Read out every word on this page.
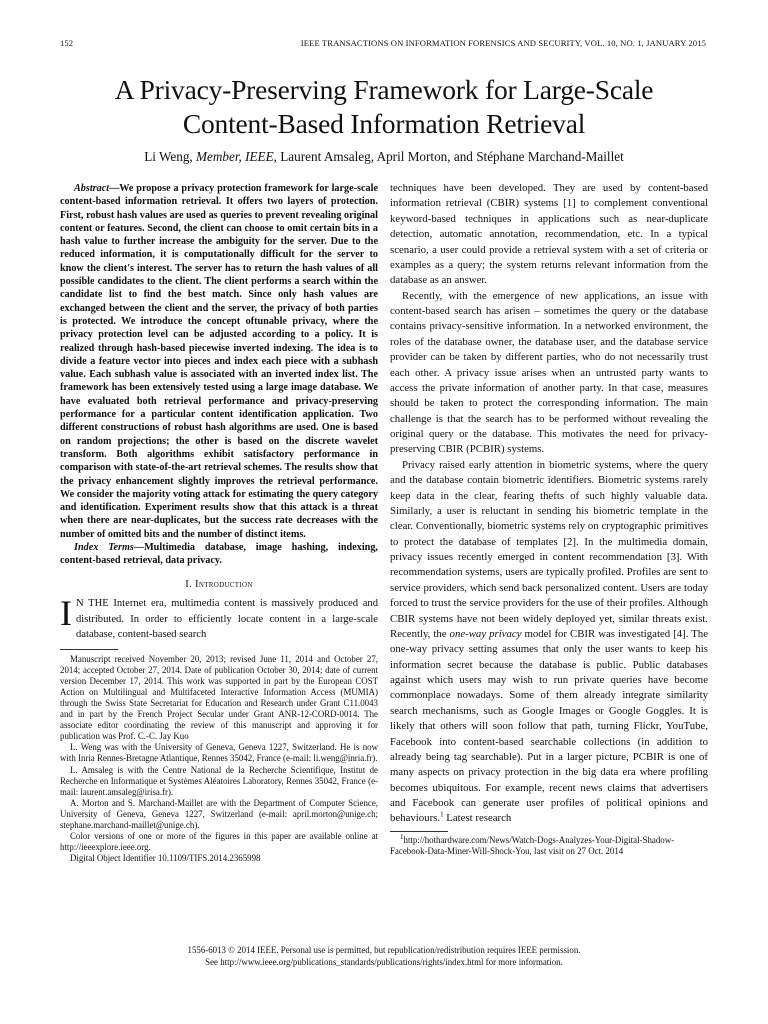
152	IEEE TRANSACTIONS ON INFORMATION FORENSICS AND SECURITY, VOL. 10, NO. 1, JANUARY 2015
A Privacy-Preserving Framework for Large-Scale
Content-Based Information Retrieval
Li Weng, Member, IEEE, Laurent Amsaleg, April Morton, and Stéphane Marchand-Maillet

Abstract—We propose a privacy protection framework for large-scale content-based information retrieval. It offers two layers of protection. First, robust hash values are used as queries to prevent revealing original content or features. Second, the client can choose to omit certain bits in a hash value to further increase the ambiguity for the server. Due to the reduced information, it is computationally difficult for the server to know the client's interest. The server has to return the hash values of all possible candidates to the client. The client performs a search within the candidate list to find the best match. Since only hash values are exchanged between the client and the server, the privacy of both parties is protected. We introduce the concept oftunable privacy, where the privacy protection level can be adjusted according to a policy. It is realized through hash-based piecewise inverted indexing. The idea is to divide a feature vector into pieces and index each piece with a subhash value. Each subhash value is associated with an inverted index list. The framework has been extensively tested using a large image database. We have evaluated both retrieval performance and privacy-preserving performance for a particular content identification application. Two different constructions of robust hash algorithms are used. One is based on random projections; the other is based on the discrete wavelet transform. Both algorithms exhibit satisfactory performance in comparison with state-of-the-art retrieval schemes. The results show that the privacy enhancement slightly improves the retrieval performance. We consider the majority voting attack for estimating the query category and identification. Experiment results show that this attack is a threat when there are near-duplicates, but the success rate decreases with the number of omitted bits and the number of distinct items.

Index Terms—Multimedia database, image hashing, indexing, content-based retrieval, data privacy.

I. Introduction

I N THE Internet era, multimedia content is massively produced and distributed. In order to efficiently locate content in a large-scale database, content-based search

Manuscript received November 20, 2013; revised June 11, 2014 and October 27, 2014; accepted October 27, 2014. Date of publication October 30, 2014; date of current version December 17, 2014. This work was supported in part by the European COST Action on Multilingual and Multifaceted Interactive Information Access (MUMIA) through the Swiss State Secretariat for Education and Research under Grant C11.0043 and in part by the French Project Secular under Grant ANR-12-CORD-0014. The associate editor coordinating the review of this manuscript and approving it for publication was Prof. C.-C. Jay Kuo

L. Weng was with the University of Geneva, Geneva 1227, Switzerland. He is now with Inria Rennes-Bretagne Atlantique, Rennes 35042, France (e-mail: li.weng@inria.fr).

L. Amsaleg is with the Centre National de la Recherche Scientifique, Institut de Recherche en Informatique et Systèmes Aléatoires Laboratory, Rennes 35042, France (e-mail: laurent.amsaleg@irisa.fr).

A. Morton and S. Marchand-Maillet are with the Department of Computer Science, University of Geneva, Geneva 1227, Switzerland (e-mail: april.morton@unige.ch; stephane.marchand-maillet@unige.ch).

Color versions of one or more of the figures in this paper are available online at http://ieeexplore.ieee.org.

Digital Object Identifier 10.1109/TIFS.2014.2365998

techniques have been developed. They are used by content-based information retrieval (CBIR) systems [1] to complement conventional keyword-based techniques in applications such as near-duplicate detection, automatic annotation, recommendation, etc. In a typical scenario, a user could provide a retrieval system with a set of criteria or examples as a query; the system returns relevant information from the database as an answer.

Recently, with the emergence of new applications, an issue with content-based search has arisen – sometimes the query or the database contains privacy-sensitive information. In a networked environment, the roles of the database owner, the database user, and the database service provider can be taken by different parties, who do not necessarily trust each other. A privacy issue arises when an untrusted party wants to access the private information of another party. In that case, measures should be taken to protect the corresponding information. The main challenge is that the search has to be performed without revealing the original query or the database. This motivates the need for privacy-preserving CBIR (PCBIR) systems.

Privacy raised early attention in biometric systems, where the query and the database contain biometric identifiers. Biometric systems rarely keep data in the clear, fearing thefts of such highly valuable data. Similarly, a user is reluctant in sending his biometric template in the clear. Conventionally, biometric systems rely on cryptographic primitives to protect the database of templates [2]. In the multimedia domain, privacy issues recently emerged in content recommendation [3]. With recommendation systems, users are typically profiled. Profiles are sent to service providers, which send back personalized content. Users are today forced to trust the service providers for the use of their profiles. Although CBIR systems have not been widely deployed yet, similar threats exist. Recently, the one-way privacy model for CBIR was investigated [4]. The one-way privacy setting assumes that only the user wants to keep his information secret because the database is public. Public databases against which users may wish to run private queries have become commonplace nowadays. Some of them already integrate similarity search mechanisms, such as Google Images or Google Goggles. It is likely that others will soon follow that path, turning Flickr, YouTube, Facebook into content-based searchable collections (in addition to already being tag searchable). Put in a larger picture, PCBIR is one of many aspects on privacy protection in the big data era where profiling becomes ubiquitous. For example, recent news claims that advertisers and Facebook can generate user profiles of political opinions and behaviours.$^1$ Latest research

$^1$http://hothardware.com/News/Watch-Dogs-Analyzes-Your-Digital-Shadow-Facebook-Data-Miner-Will-Shock-You, last visit on 27 Oct. 2014

1556-6013 © 2014 IEEE. Personal use is permitted, but republication/redistribution requires IEEE permission.
See http://www.ieee.org/publications_standards/publications/rights/index.html for more information.
